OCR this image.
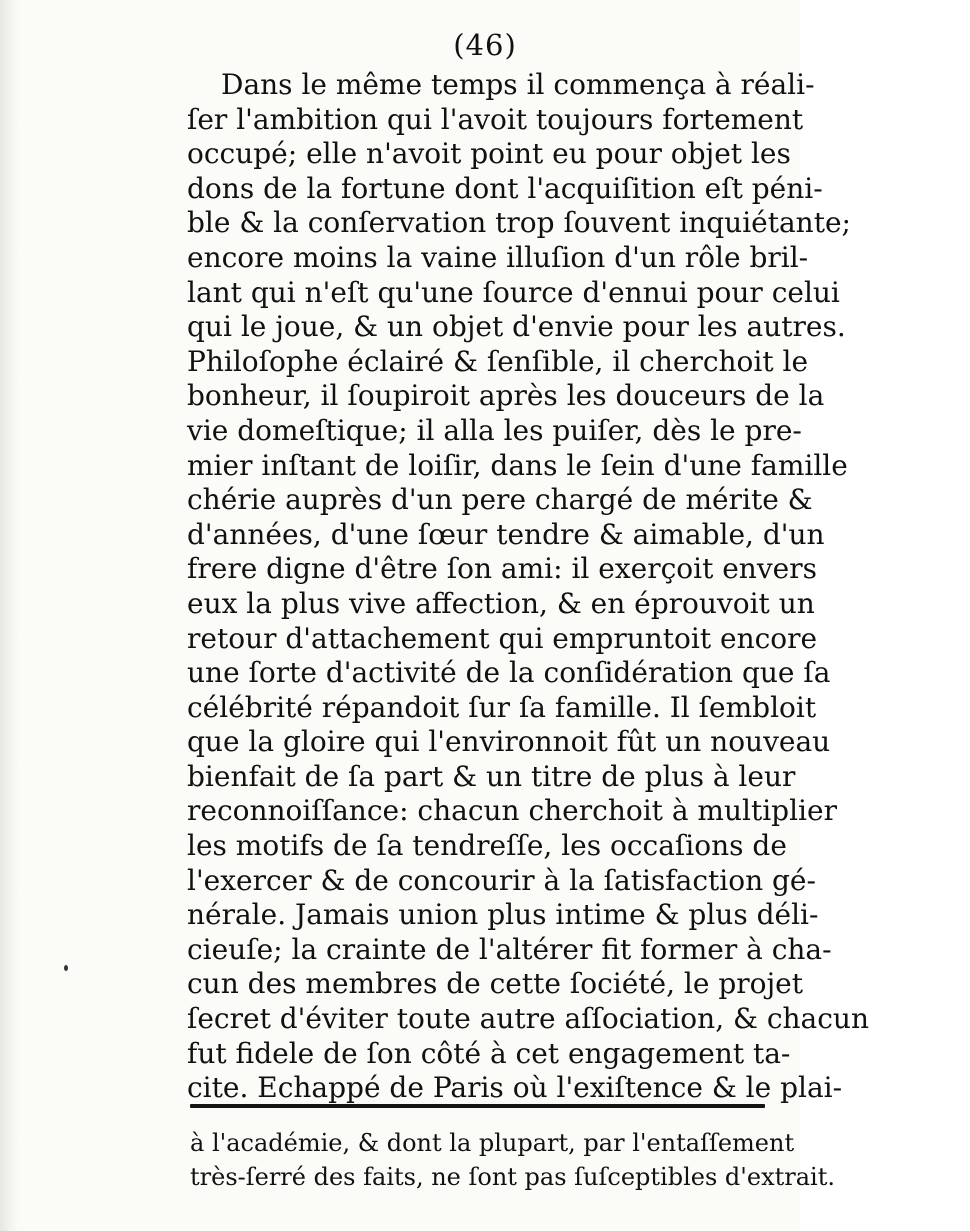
(46)
Dans le même temps il commença à réali-
ſer l'ambition qui l'avoit toujours fortement
occupé; elle n'avoit point eu pour objet les
dons de la fortune dont l'acquiſition eſt péni-
ble & la conſervation trop ſouvent inquiétante;
encore moins la vaine illuſion d'un rôle bril-
lant qui n'eſt qu'une ſource d'ennui pour celui
qui le joue, & un objet d'envie pour les autres.
Philoſophe éclairé & ſenſible, il cherchoit le
bonheur, il ſoupiroit après les douceurs de la
vie domeſtique; il alla les puiſer, dès le pre-
mier inſtant de loiſir, dans le ſein d'une famille
chérie auprès d'un pere chargé de mérite &
d'années, d'une ſœur tendre & aimable, d'un
frere digne d'être ſon ami: il exerçoit envers
eux la plus vive affection, & en éprouvoit un
retour d'attachement qui empruntoit encore
une ſorte d'activité de la conſidération que ſa
célébrité répandoit ſur ſa famille. Il ſembloit
que la gloire qui l'environnoit fût un nouveau
bienfait de ſa part & un titre de plus à leur
reconnoiſſance: chacun cherchoit à multiplier
les motifs de ſa tendreſſe, les occaſions de
l'exercer & de concourir à la ſatisfaction gé-
nérale. Jamais union plus intime & plus déli-
cieuſe; la crainte de l'altérer fit former à cha-
cun des membres de cette ſociété, le projet
ſecret d'éviter toute autre aſſociation, & chacun
fut fidele de ſon côté à cet engagement ta-
cite. Echappé de Paris où l'exiſtence & le plai-
à l'académie, & dont la plupart, par l'entaſſement
très-ſerré des faits, ne ſont pas ſuſceptibles d'extrait.
